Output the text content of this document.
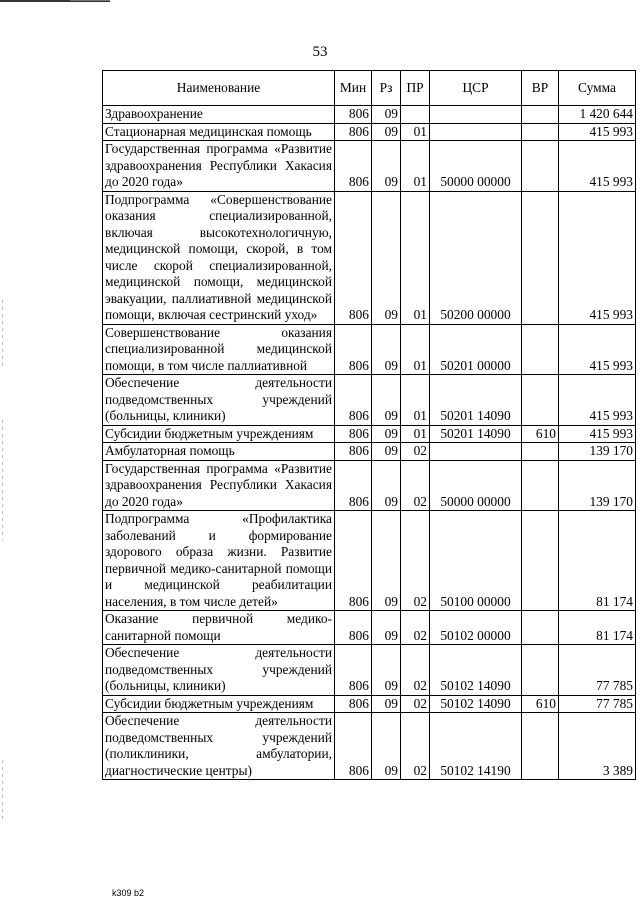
53
Наименование	Мин	Рз	ПР	ЦСР	ВР	Сумма
Здравоохранение	806	09				1 420 644
Стационарная медицинская помощь	806	09	01			415 993
Государственная программа «Развитие здравоохранения Республики Хакасия до 2020 года»	806	09	01	50000 00000		415 993
Подпрограмма «Совершенствование оказания специализированной, включая высокотехнологичную, медицинской помощи, скорой, в том числе скорой специализированной, медицинской помощи, медицинской эвакуации, паллиативной медицинской помощи, включая сестринский уход»	806	09	01	50200 00000		415 993
Совершенствование оказания специализированной медицинской помощи, в том числе паллиативной	806	09	01	50201 00000		415 993
Обеспечение деятельности подведомственных учреждений (больницы, клиники)	806	09	01	50201 14090		415 993
Субсидии бюджетным учреждениям	806	09	01	50201 14090	610	415 993
Амбулаторная помощь	806	09	02			139 170
Государственная программа «Развитие здравоохранения Республики Хакасия до 2020 года»	806	09	02	50000 00000		139 170
Подпрограмма «Профилактика заболеваний и формирование здорового образа жизни. Развитие первичной медико-санитарной помощи и медицинской реабилитации населения, в том числе детей»	806	09	02	50100 00000		81 174
Оказание первичной медико-санитарной помощи	806	09	02	50102 00000		81 174
Обеспечение деятельности подведомственных учреждений (больницы, клиники)	806	09	02	50102 14090		77 785
Субсидии бюджетным учреждениям	806	09	02	50102 14090	610	77 785
Обеспечение деятельности подведомственных учреждений (поликлиники, амбулатории, диагностические центры)	806	09	02	50102 14190		3 389
k309 b2
